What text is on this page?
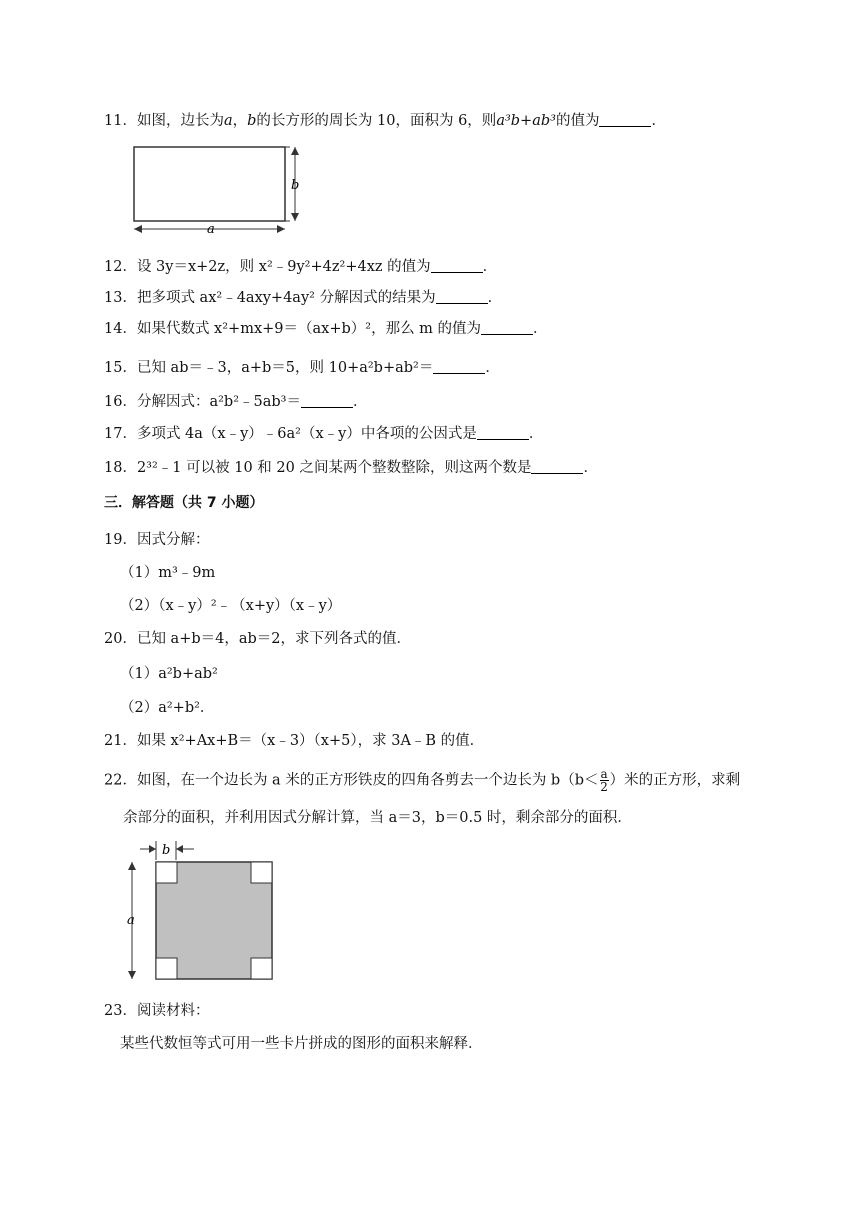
11．如图，边长为a，b的长方形的周长为 10，面积为 6，则a³b+ab³的值为	．
b
a
12．设 3y＝x+2z，则 x²﹣9y²+4z²+4xz 的值为	．
13．把多项式 ax²﹣4axy+4ay² 分解因式的结果为	．
14．如果代数式 x²+mx+9＝（ax+b）²，那么 m 的值为	．
15．已知 ab＝﹣3，a+b＝5，则 10+a²b+ab²＝	．
16．分解因式：a²b²﹣5ab³＝	．
17．多项式 4a（x﹣y）﹣6a²（x﹣y）中各项的公因式是	．
18．2³²﹣1 可以被 10 和 20 之间某两个整数整除，则这两个数是	．
三．解答题（共 7 小题）
19．因式分解：
（1）m³﹣9m
（2）（x﹣y）²﹣（x+y）（x﹣y）
20．已知 a+b＝4，ab＝2，求下列各式的值．
（1）a²b+ab²
（2）a²+b²．
21．如果 x²+Ax+B＝（x﹣3）（x+5），求 3A﹣B 的值．
22．如图，在一个边长为 a 米的正方形铁皮的四角各剪去一个边长为 $b(b< \frac{a}{2}$ ）米的正方形，求剩
余部分的面积，并利用因式分解计算，当 a＝3，b＝0.5 时，剩余部分的面积．
b
a
23．阅读材料：
某些代数恒等式可用一些卡片拼成的图形的面积来解释．
